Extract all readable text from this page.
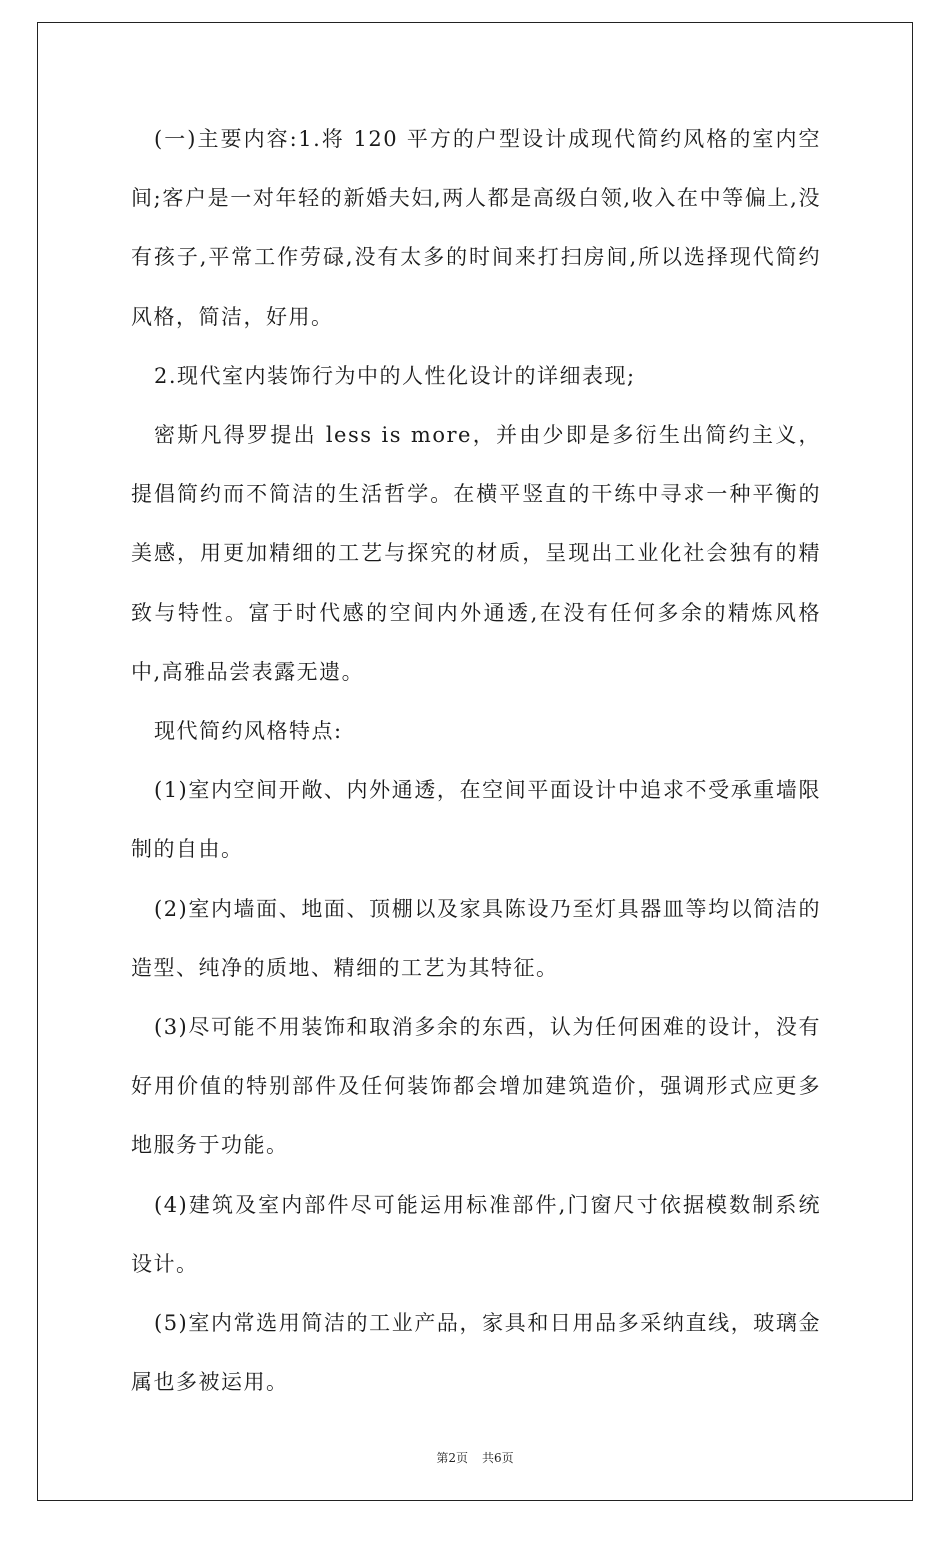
(一)主要内容:1.将 120 平方的户型设计成现代简约风格的室内空间;客户是一对年轻的新婚夫妇,两人都是高级白领,收入在中等偏上,没有孩子,平常工作劳碌,没有太多的时间来打扫房间,所以选择现代简约风格，简洁，好用。

2.现代室内装饰行为中的人性化设计的详细表现;

密斯凡得罗提出 less is more，并由少即是多衍生出简约主义，提倡简约而不简洁的生活哲学。在横平竖直的干练中寻求一种平衡的美感，用更加精细的工艺与探究的材质，呈现出工业化社会独有的精致与特性。富于时代感的空间内外通透,在没有任何多余的精炼风格中,高雅品尝表露无遗。

现代简约风格特点:

(1)室内空间开敞、内外通透，在空间平面设计中追求不受承重墙限制的自由。

(2)室内墙面、地面、顶棚以及家具陈设乃至灯具器皿等均以简洁的造型、纯净的质地、精细的工艺为其特征。

(3)尽可能不用装饰和取消多余的东西，认为任何困难的设计，没有好用价值的特别部件及任何装饰都会增加建筑造价，强调形式应更多地服务于功能。

(4)建筑及室内部件尽可能运用标准部件,门窗尺寸依据模数制系统设计。

(5)室内常选用简洁的工业产品，家具和日用品多采纳直线，玻璃金属也多被运用。

第2页 共6页
